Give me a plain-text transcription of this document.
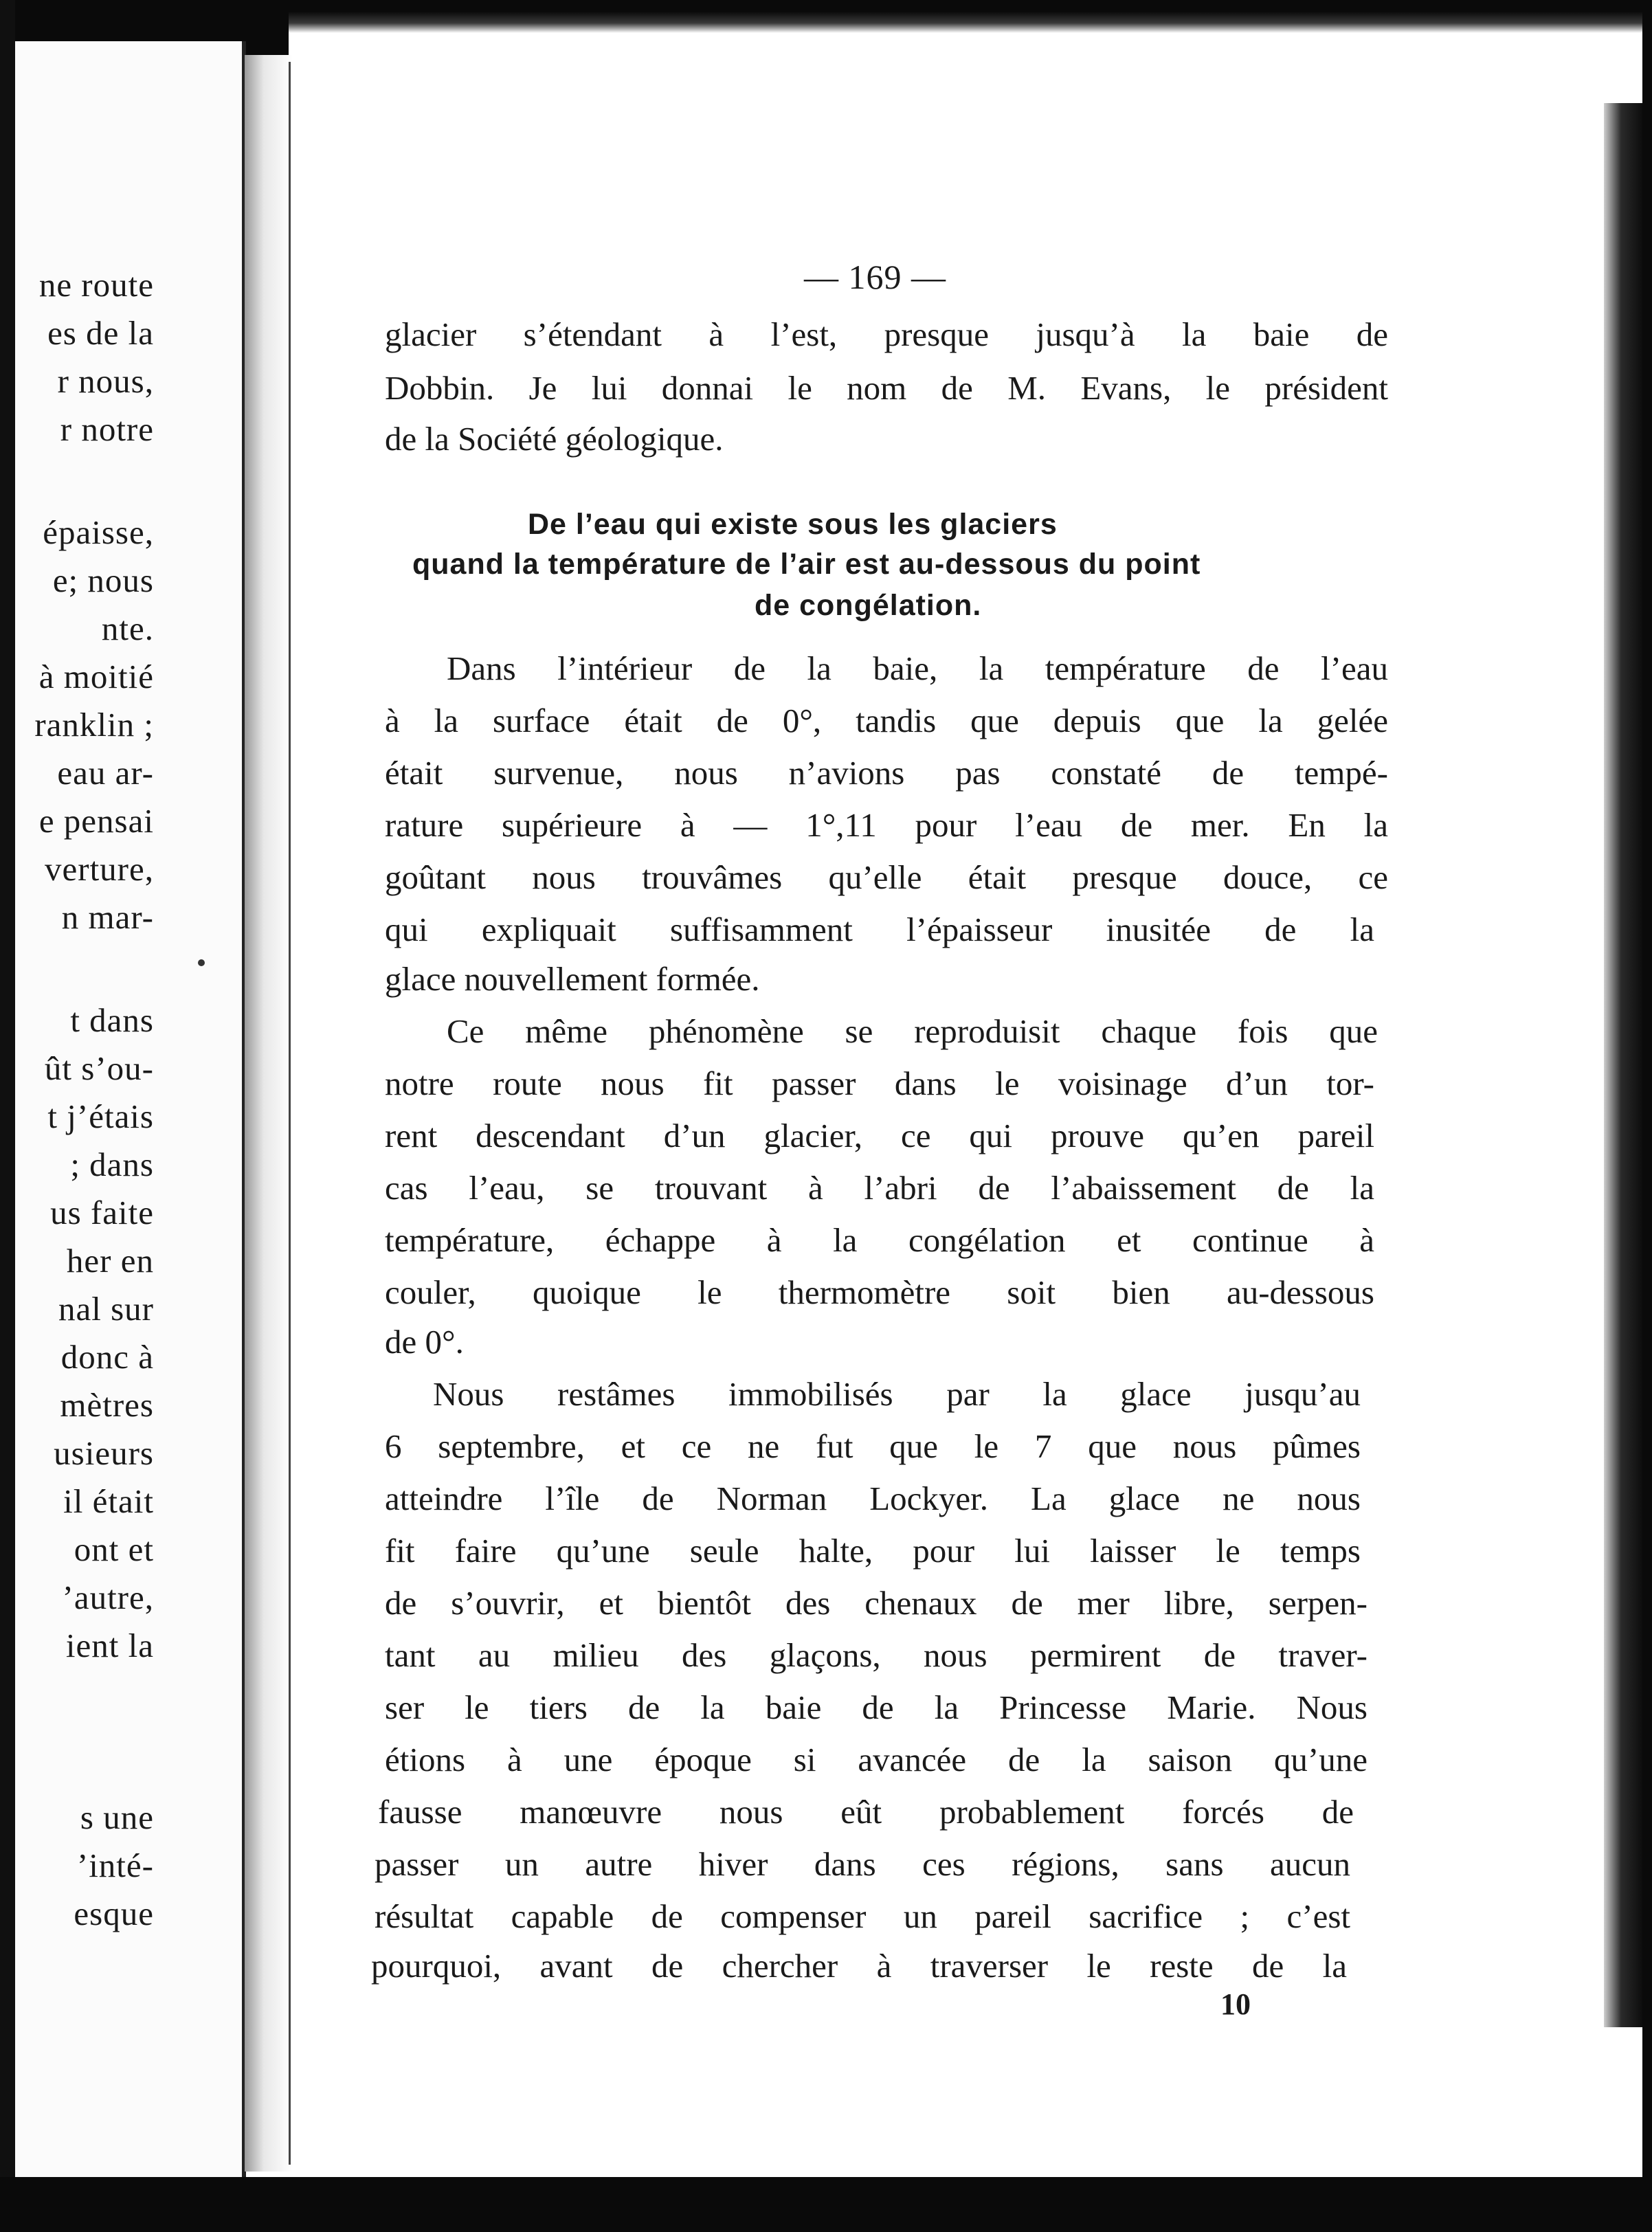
ne route
es de la
r nous,
r notre
épaisse,
e; nous
nte.
à moitié
ranklin ;
eau ar-
e pensai
verture,
n mar-
t dans
ût s’ou-
t j’étais
; dans
us faite
her en
nal sur
donc à
mètres
usieurs
il était
ont et
’autre,
ient la
s une
’inté-
esque
— 169 —
glacier s’étendant à l’est, presque jusqu’à la baie de
Dobbin. Je lui donnai le nom de M. Evans, le président
de la Société géologique.
De l’eau qui existe sous les glaciers
quand la température de l’air est au-dessous du point
de congélation.
Dans l’intérieur de la baie, la température de l’eau
à la surface était de 0°, tandis que depuis que la gelée
était survenue, nous n’avions pas constaté de tempé-
rature supérieure à — 1°,11 pour l’eau de mer. En la
goûtant nous trouvâmes qu’elle était presque douce, ce
qui expliquait suffisamment l’épaisseur inusitée de la
glace nouvellement formée.
Ce même phénomène se reproduisit chaque fois que
notre route nous fit passer dans le voisinage d’un tor-
rent descendant d’un glacier, ce qui prouve qu’en pareil
cas l’eau, se trouvant à l’abri de l’abaissement de la
température, échappe à la congélation et continue à
couler, quoique le thermomètre soit bien au-dessous
de 0°.
Nous restâmes immobilisés par la glace jusqu’au
6 septembre, et ce ne fut que le 7 que nous pûmes
atteindre l’île de Norman Lockyer. La glace ne nous
fit faire qu’une seule halte, pour lui laisser le temps
de s’ouvrir, et bientôt des chenaux de mer libre, serpen-
tant au milieu des glaçons, nous permirent de traver-
ser le tiers de la baie de la Princesse Marie. Nous
étions à une époque si avancée de la saison qu’une
fausse manœuvre nous eût probablement forcés de
passer un autre hiver dans ces régions, sans aucun
résultat capable de compenser un pareil sacrifice ; c’est
pourquoi, avant de chercher à traverser le reste de la
10
